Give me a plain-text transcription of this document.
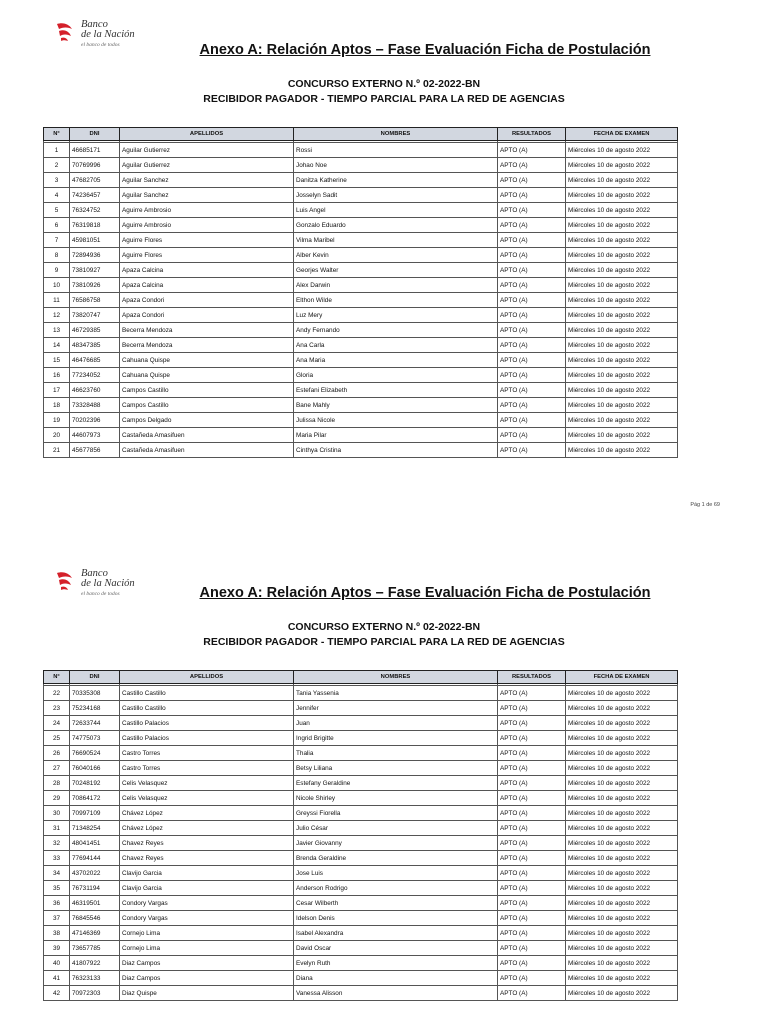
Banco
de la Nación
el banco de todos	Anexo A: Relación Aptos – Fase Evaluación Ficha de Postulación
CONCURSO EXTERNO N.º 02-2022-BN
RECIBIDOR PAGADOR - TIEMPO PARCIAL PARA LA RED DE AGENCIAS
N°	DNI	APELLIDOS	NOMBRES	RESULTADOS	FECHA DE EXAMEN

1	46685171	Aguilar Gutierrez	Rossi	APTO (A)	Miércoles 10 de agosto 2022
2	70769996	Aguilar Gutierrez	Johao Noe	APTO (A)	Miércoles 10 de agosto 2022
3	47682705	Aguilar Sanchez	Danitza Katherine	APTO (A)	Miércoles 10 de agosto 2022
4	74236457	Aguilar Sanchez	Josselyn Sadit	APTO (A)	Miércoles 10 de agosto 2022
5	76324752	Aguirre Ambrosio	Luis Angel	APTO (A)	Miércoles 10 de agosto 2022
6	76319818	Aguirre Ambrosio	Gonzalo Eduardo	APTO (A)	Miércoles 10 de agosto 2022
7	45981051	Aguirre Flores	Vilma Maribel	APTO (A)	Miércoles 10 de agosto 2022
8	72894936	Aguirre Flores	Alber Kevin	APTO (A)	Miércoles 10 de agosto 2022
9	73810927	Apaza Calcina	Georjes Walter	APTO (A)	Miércoles 10 de agosto 2022
10	73810926	Apaza Calcina	Alex Darwin	APTO (A)	Miércoles 10 de agosto 2022
11	76586758	Apaza Condori	Elthon Wilde	APTO (A)	Miércoles 10 de agosto 2022
12	73820747	Apaza Condori	Luz Mery	APTO (A)	Miércoles 10 de agosto 2022
13	46729385	Becerra Mendoza	Andy Fernando	APTO (A)	Miércoles 10 de agosto 2022
14	48347385	Becerra Mendoza	Ana Carla	APTO (A)	Miércoles 10 de agosto 2022
15	46476685	Cahuana Quispe	Ana Maria	APTO (A)	Miércoles 10 de agosto 2022
16	77234052	Cahuana Quispe	Gloria	APTO (A)	Miércoles 10 de agosto 2022
17	46623760	Campos Castillo	Estefani Elizabeth	APTO (A)	Miércoles 10 de agosto 2022
18	73328488	Campos Castillo	Bane Mahly	APTO (A)	Miércoles 10 de agosto 2022
19	70202396	Campos Delgado	Julissa Nicole	APTO (A)	Miércoles 10 de agosto 2022
20	44607973	Castañeda Amasifuen	Maria Pilar	APTO (A)	Miércoles 10 de agosto 2022
21	45677856	Castañeda Amasifuen	Cinthya Cristina	APTO (A)	Miércoles 10 de agosto 2022
Pág 1 de 69
Banco
de la Nación
el banco de todos	Anexo A: Relación Aptos – Fase Evaluación Ficha de Postulación
CONCURSO EXTERNO N.º 02-2022-BN
RECIBIDOR PAGADOR - TIEMPO PARCIAL PARA LA RED DE AGENCIAS
N°	DNI	APELLIDOS	NOMBRES	RESULTADOS	FECHA DE EXAMEN

22	70335308	Castillo Castillo	Tania Yassenia	APTO (A)	Miércoles 10 de agosto 2022
23	75234168	Castillo Castillo	Jennifer	APTO (A)	Miércoles 10 de agosto 2022
24	72633744	Castillo Palacios	Juan	APTO (A)	Miércoles 10 de agosto 2022
25	74775073	Castillo Palacios	Ingrid Brigitte	APTO (A)	Miércoles 10 de agosto 2022
26	76690524	Castro Torres	Thalia	APTO (A)	Miércoles 10 de agosto 2022
27	76040166	Castro Torres	Betsy Liliana	APTO (A)	Miércoles 10 de agosto 2022
28	70248192	Celis Velasquez	Estefany Geraldine	APTO (A)	Miércoles 10 de agosto 2022
29	70864172	Celis Velasquez	Nicole Shirley	APTO (A)	Miércoles 10 de agosto 2022
30	70997109	Chávez López	Greyssi Fiorella	APTO (A)	Miércoles 10 de agosto 2022
31	71348254	Chávez López	Julio César	APTO (A)	Miércoles 10 de agosto 2022
32	48041451	Chavez Reyes	Javier Giovanny	APTO (A)	Miércoles 10 de agosto 2022
33	77694144	Chavez Reyes	Brenda Geraldine	APTO (A)	Miércoles 10 de agosto 2022
34	43702022	Clavijo Garcia	Jose Luis	APTO (A)	Miércoles 10 de agosto 2022
35	76731194	Clavijo Garcia	Anderson Rodrigo	APTO (A)	Miércoles 10 de agosto 2022
36	46319501	Condory Vargas	Cesar Wilberth	APTO (A)	Miércoles 10 de agosto 2022
37	76845546	Condory Vargas	Idelson Denis	APTO (A)	Miércoles 10 de agosto 2022
38	47146369	Cornejo Lima	Isabel Alexandra	APTO (A)	Miércoles 10 de agosto 2022
39	73657785	Cornejo Lima	David Oscar	APTO (A)	Miércoles 10 de agosto 2022
40	41807922	Diaz Campos	Evelyn Ruth	APTO (A)	Miércoles 10 de agosto 2022
41	76323133	Diaz Campos	Diana	APTO (A)	Miércoles 10 de agosto 2022
42	70972303	Diaz Quispe	Vanessa Alisson	APTO (A)	Miércoles 10 de agosto 2022
